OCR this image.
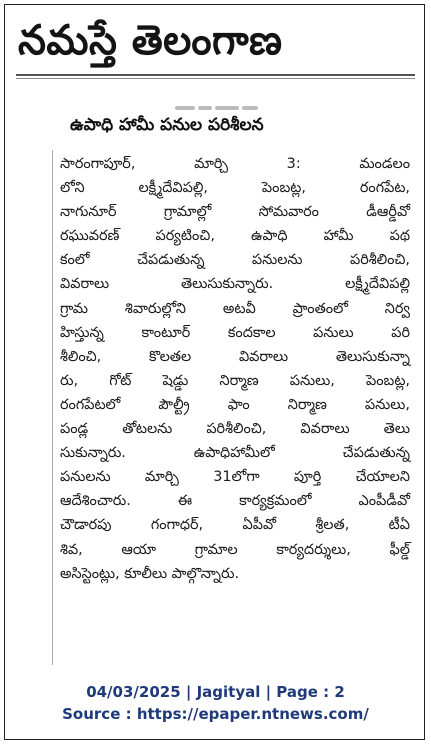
నమస్తే తెలంగాణ
ఉపాధి హామీ పనుల పరిశీలన
సారంగాపూర్, మార్చి 3: మండలం
లోని లక్ష్మీదేవిపల్లి, పెంబట్ల, రంగపేట,
నాగునూర్ గ్రామాల్లో సోమవారం డీఆర్డీవో
రఘువరణ్ పర్యటించి, ఉపాధి హామీ పథ
కంలో చేపడుతున్న పనులను పరిశీలించి,
వివరాలు తెలుసుకున్నారు. లక్ష్మీదేవిపల్లి
గ్రామ శివారుల్లోని అటవీ ప్రాంతంలో నిర్వ
హిస్తున్న కాంటూర్ కందకాల పనులు పరి
శీలించి, కొలతల వివరాలు తెలుసుకున్నా
రు, గోట్ షెడ్డు నిర్మాణ పనులు, పెంబట్ల,
రంగపేటలో పౌల్ట్రీ ఫాం నిర్మాణ పనులు,
పండ్ల తోటలను పరిశీలించి, వివరాలు తెలు
సుకున్నారు. ఉపాధిహామీలో చేపడుతున్న
పనులను మార్చి 31లోగా పూర్తి చేయాలని
ఆదేశించారు. ఈ కార్యక్రమంలో ఎంపీడీవో
చౌడారపు గంగాధర్, ఏపీవో శ్రీలత, టీఏ
శివ, ఆయా గ్రామాల కార్యదర్శులు, ఫీల్డ్
అసిస్టెంట్లు, కూలీలు పాల్గొన్నారు.
04/03/2025 | Jagityal | Page : 2
Source : https://epaper.ntnews.com/
